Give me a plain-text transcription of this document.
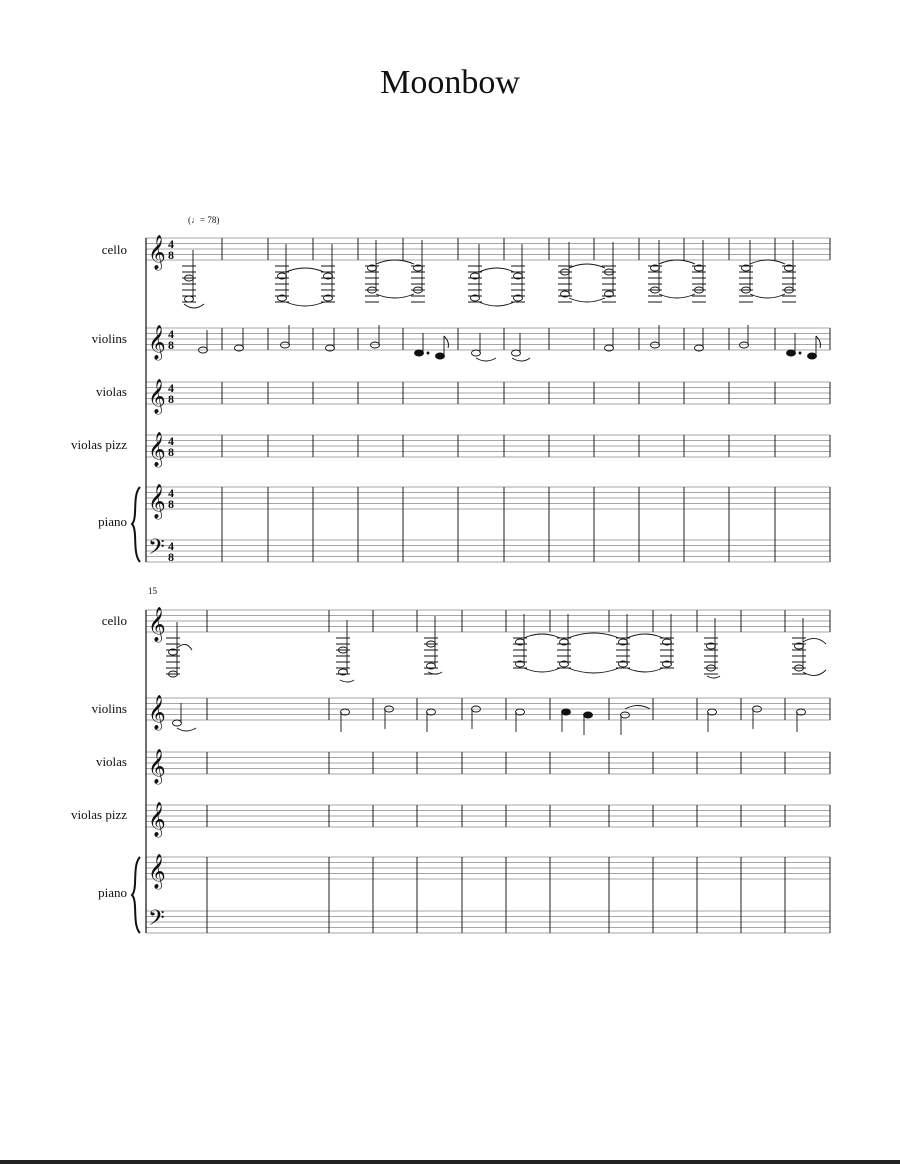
Moonbow
(♩= 78)
cello
violins
violas
violas pizz
piano
𝄞
𝄞
𝄞
𝄞
𝄞
𝄢
4
8
4
8
4
8
4
8
4
8
4
8
15
cello
violins
violas
violas pizz
piano
𝄞
𝄞
𝄞
𝄞
𝄞
𝄢
